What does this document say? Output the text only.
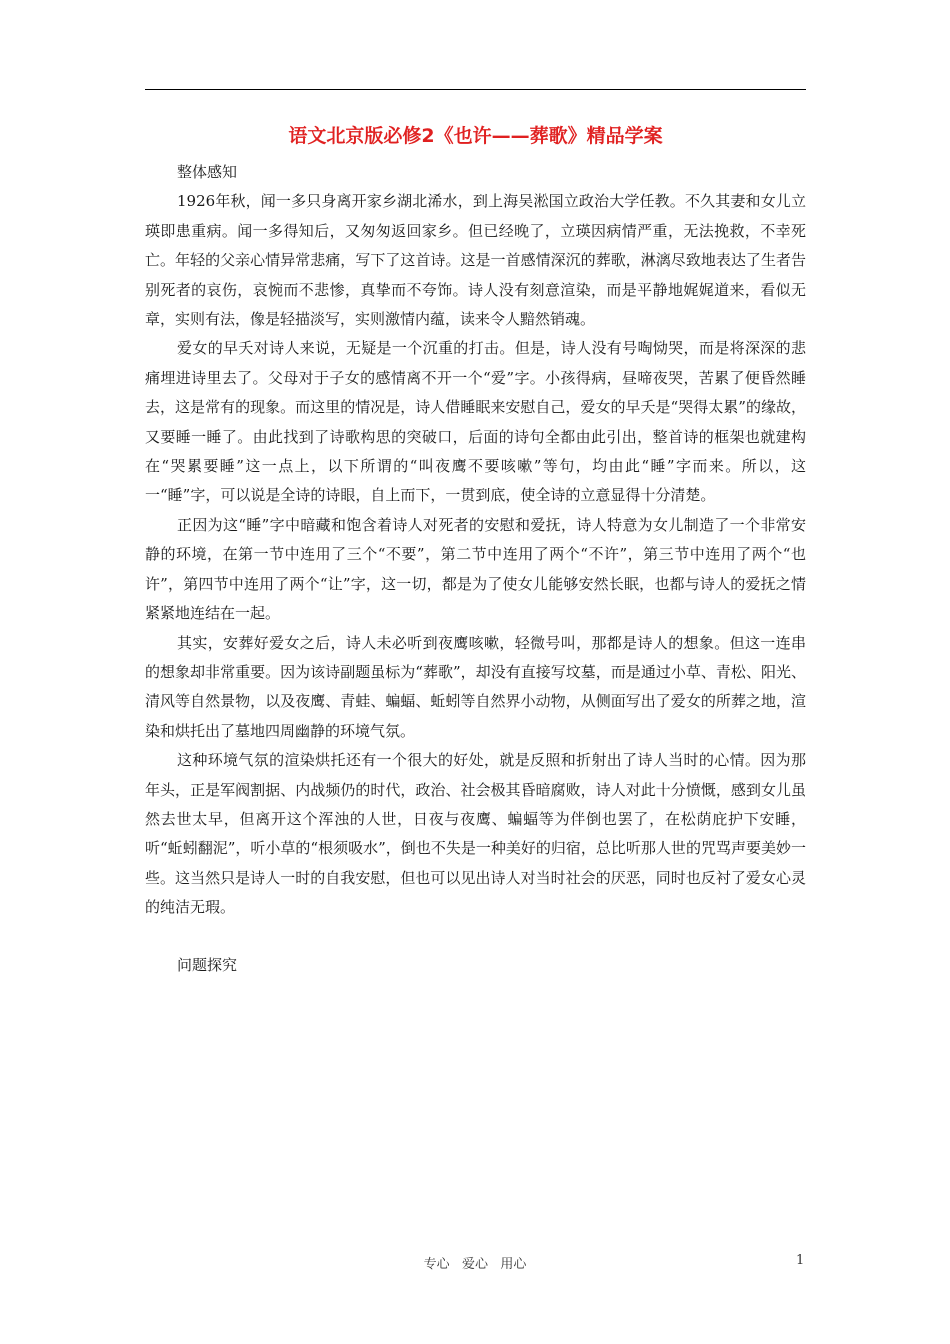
语文北京版必修2《也许——葬歌》精品学案

整体感知

1926年秋，闻一多只身离开家乡湖北浠水，到上海吴淞国立政治大学任教。不久其妻和女儿立瑛即患重病。闻一多得知后，又匆匆返回家乡。但已经晚了，立瑛因病情严重，无法挽救，不幸死亡。年轻的父亲心情异常悲痛，写下了这首诗。这是一首感情深沉的葬歌，淋漓尽致地表达了生者告别死者的哀伤，哀惋而不悲惨，真挚而不夸饰。诗人没有刻意渲染，而是平静地娓娓道来，看似无章，实则有法，像是轻描淡写，实则激情内蕴，读来令人黯然销魂。

爱女的早夭对诗人来说，无疑是一个沉重的打击。但是，诗人没有号啕恸哭，而是将深深的悲痛埋进诗里去了。父母对于子女的感情离不开一个“爱”字。小孩得病，昼啼夜哭，苦累了便昏然睡去，这是常有的现象。而这里的情况是，诗人借睡眠来安慰自己，爱女的早夭是“哭得太累”的缘故，又要睡一睡了。由此找到了诗歌构思的突破口，后面的诗句全都由此引出，整首诗的框架也就建构在“哭累要睡”这一点上，以下所谓的“叫夜鹰不要咳嗽”等句，均由此“睡”字而来。所以，这一“睡”字，可以说是全诗的诗眼，自上而下，一贯到底，使全诗的立意显得十分清楚。

正因为这“睡”字中暗藏和饱含着诗人对死者的安慰和爱抚，诗人特意为女儿制造了一个非常安静的环境，在第一节中连用了三个“不要”，第二节中连用了两个“不许”，第三节中连用了两个“也许”，第四节中连用了两个“让”字，这一切，都是为了使女儿能够安然长眠，也都与诗人的爱抚之情紧紧地连结在一起。

其实，安葬好爱女之后，诗人未必听到夜鹰咳嗽，轻微号叫，那都是诗人的想象。但这一连串的想象却非常重要。因为该诗副题虽标为“葬歌”，却没有直接写坟墓，而是通过小草、青松、阳光、清风等自然景物，以及夜鹰、青蛙、蝙蝠、蚯蚓等自然界小动物，从侧面写出了爱女的所葬之地，渲染和烘托出了墓地四周幽静的环境气氛。

这种环境气氛的渲染烘托还有一个很大的好处，就是反照和折射出了诗人当时的心情。因为那年头，正是军阀割据、内战频仍的时代，政治、社会极其昏暗腐败，诗人对此十分愤慨，感到女儿虽然去世太早，但离开这个浑浊的人世，日夜与夜鹰、蝙蝠等为伴倒也罢了，在松荫庇护下安睡，听“蚯蚓翻泥”，听小草的“根须吸水”，倒也不失是一种美好的归宿，总比听那人世的咒骂声要美妙一些。这当然只是诗人一时的自我安慰，但也可以见出诗人对当时社会的厌恶，同时也反衬了爱女心灵的纯洁无瑕。

问题探究

专心   爱心   用心	1
